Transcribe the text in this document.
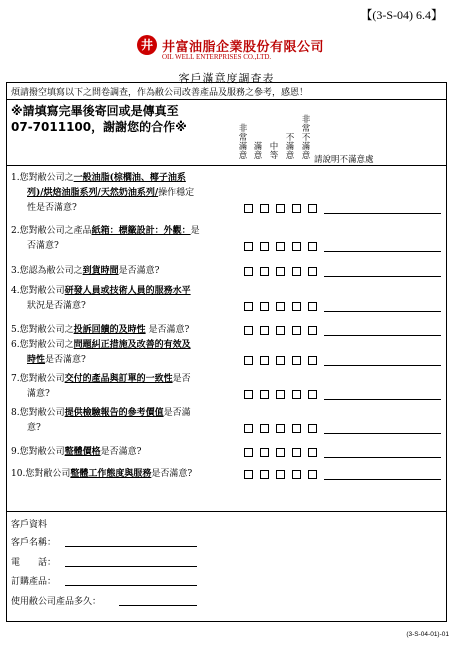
【(3-S-04) 6.4】
井 井富油脂企業股份有限公司
OIL WELL ENTERPRISES CO.,LTD.
客戶滿意度調查表
煩請撥空填寫以下之問卷調查，作為敝公司改善產品及服務之參考，感恩！
※請填寫完畢後寄回或是傳真至
07-7011100，謝謝您的合作※	非常滿意
滿意
中等
不滿意
非常不滿意 請說明不滿意處
1.您對敝公司之一般油脂(棕櫚油、椰子油系
列)/烘焙油脂系列/天然奶油系列/操作穩定
性是否滿意?
2.您對敝公司之產品紙箱：標籤設計：外觀：是
否滿意?
3.您認為敝公司之到貨時間是否滿意?
4.您對敝公司研發人員或技術人員的服務水平
狀況是否滿意?
5.您對敝公司之投訴回饋的及時性 是否滿意?
6.您對敝公司之問題糾正措施及改善的有效及
時性是否滿意?
7.您對敝公司交付的產品與訂單的一致性是否
滿意?
8.您對敝公司提供檢驗報告的參考價值是否滿
意?
9.您對敝公司整體價格是否滿意?
10.您對敝公司整體工作態度與服務是否滿意?
客戶資料
客戶名稱：
電　　話：
訂購產品：
使用敝公司產品多久：
(3-S-04-01)-01
